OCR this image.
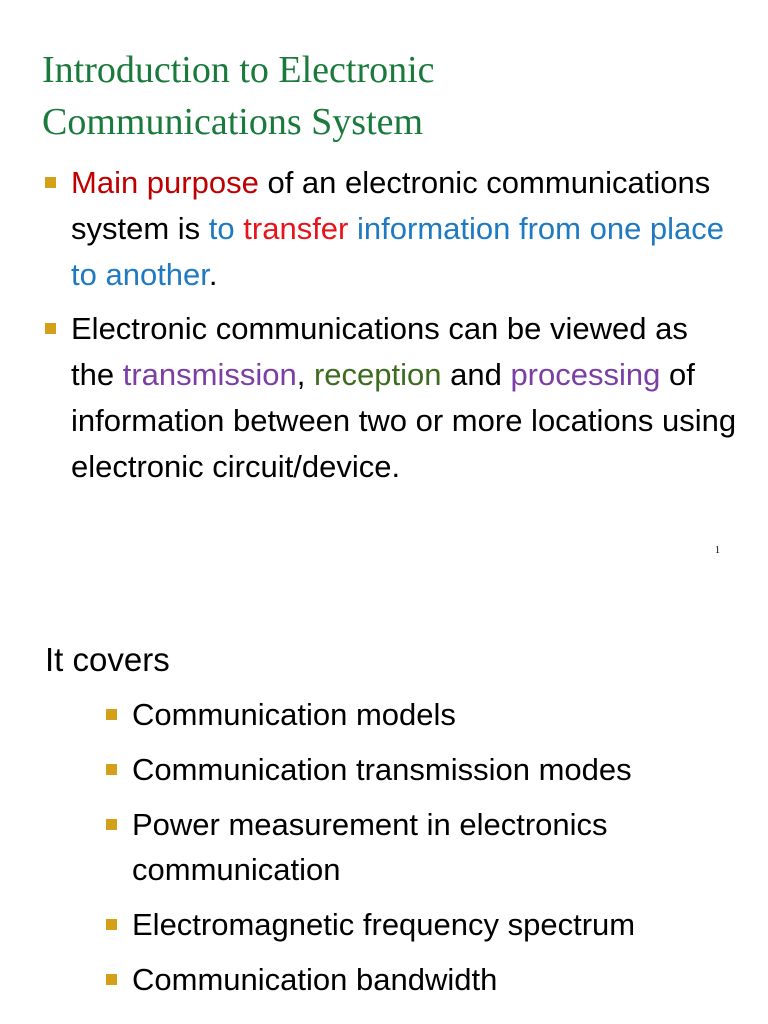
Introduction to Electronic
Communications System
Main purpose of an electronic communications system is to transfer information from one place to another.
Electronic communications can be viewed as the transmission, reception and processing of information between two or more locations using electronic circuit/device.
1
It covers
Communication models
Communication transmission modes
Power measurement in electronics communication
Electromagnetic frequency spectrum
Communication bandwidth
